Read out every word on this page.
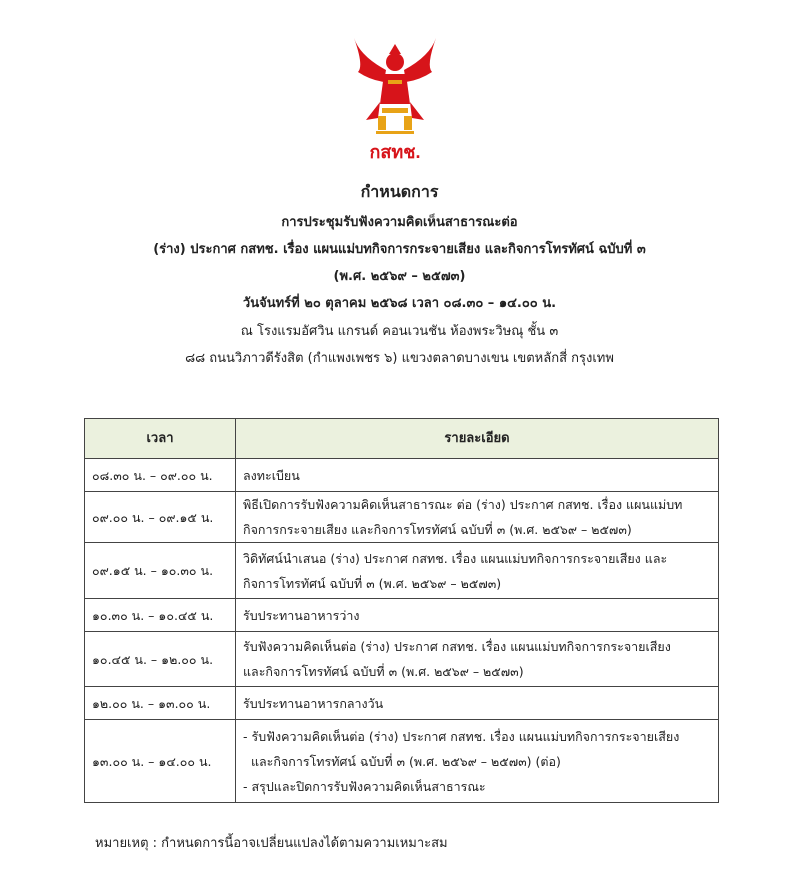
กสทช.
กำหนดการ
การประชุมรับฟังความคิดเห็นสาธารณะต่อ
(ร่าง) ประกาศ กสทช. เรื่อง แผนแม่บทกิจการกระจายเสียง และกิจการโทรทัศน์ ฉบับที่ ๓
(พ.ศ. ๒๕๖๙ – ๒๕๗๓)
วันจันทร์ที่ ๒๐ ตุลาคม ๒๕๖๘ เวลา ๐๘.๓๐ – ๑๔.๐๐ น.
ณ โรงแรมอัศวิน แกรนด์ คอนเวนชัน ห้องพระวิษณุ ชั้น ๓
๘๘ ถนนวิภาวดีรังสิต (กำแพงเพชร ๖) แขวงตลาดบางเขน เขตหลักสี่ กรุงเทพ
เวลา	รายละเอียด
๐๘.๓๐ น. – ๐๙.๐๐ น.	ลงทะเบียน

๐๙.๐๐ น. – ๐๙.๑๕ น.	พิธีเปิดการรับฟังความคิดเห็นสาธารณะ ต่อ (ร่าง) ประกาศ กสทช. เรื่อง แผนแม่บท
กิจการกระจายเสียง และกิจการโทรทัศน์ ฉบับที่ ๓ (พ.ศ. ๒๕๖๙ – ๒๕๗๓)

๐๙.๑๕ น. – ๑๐.๓๐ น.	วิดิทัศน์นำเสนอ (ร่าง) ประกาศ กสทช. เรื่อง แผนแม่บทกิจการกระจายเสียง และ
กิจการโทรทัศน์ ฉบับที่ ๓ (พ.ศ. ๒๕๖๙ – ๒๕๗๓)

๑๐.๓๐ น. – ๑๐.๔๕ น.	รับประทานอาหารว่าง

๑๐.๔๕ น. – ๑๒.๐๐ น.	รับฟังความคิดเห็นต่อ (ร่าง) ประกาศ กสทช. เรื่อง แผนแม่บทกิจการกระจายเสียง
และกิจการโทรทัศน์ ฉบับที่ ๓ (พ.ศ. ๒๕๖๙ – ๒๕๗๓)

๑๒.๐๐ น. – ๑๓.๐๐ น.	รับประทานอาหารกลางวัน

๑๓.๐๐ น. – ๑๔.๐๐ น.	- รับฟังความคิดเห็นต่อ (ร่าง) ประกาศ กสทช. เรื่อง แผนแม่บทกิจการกระจายเสียง
และกิจการโทรทัศน์ ฉบับที่ ๓ (พ.ศ. ๒๕๖๙ – ๒๕๗๓) (ต่อ)
- สรุปและปิดการรับฟังความคิดเห็นสาธารณะ
หมายเหตุ : กำหนดการนี้อาจเปลี่ยนแปลงได้ตามความเหมาะสม
